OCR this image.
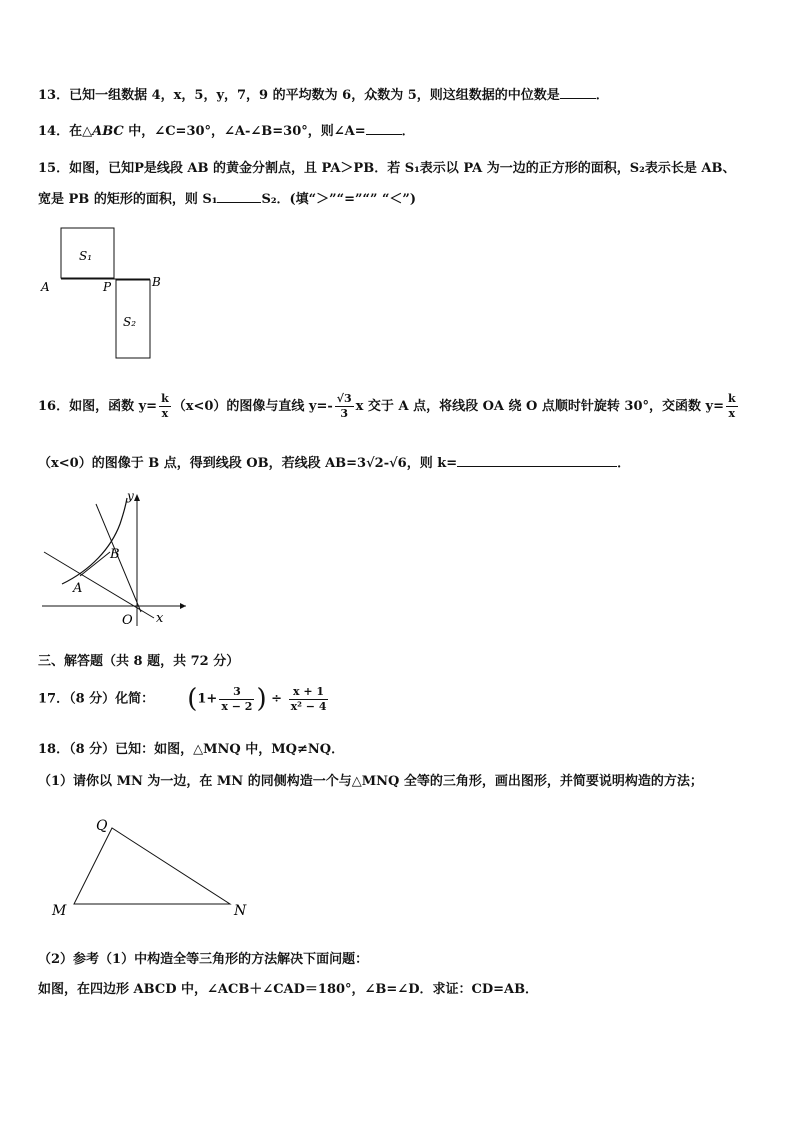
13．已知一组数据 4，x，5，y，7，9 的平均数为 6，众数为 5，则这组数据的中位数是	．
14．在△ABC 中，∠C=30°，∠A-∠B=30°，则∠A=	．
15．如图，已知P是线段 AB 的黄金分割点，且 PA＞PB．若 S₁表示以 PA 为一边的正方形的面积，S₂表示长是 AB、
宽是 PB 的矩形的面积，则 S₁	S₂．(填“＞”“=”“” “＜”)
S₁
S₂
A	P	B
16．如图，函数 $y= \frac{k}{x} (x<0)$的图像与直线 $y=- \frac{√3}{3}$ x 交于 A 点，将线段 OA 绕 O 点顺时针旋转 30°，交函数 $y= \frac{k}{x}$
（x<0）的图像于 B 点，得到线段 OB，若线段 AB=3√2-√6，则 k=	．
x
y
O
A
B
三、解答题（共 8 题，共 72 分）
17．（8 分）化简： ($1+ \frac{3}{x - 2}$ ) ÷ $\frac{x + 1}{\text{x² − 4}}$
18．（8 分）已知：如图，△MNQ 中，MQ≠NQ．
（1）请你以 MN 为一边，在 MN 的同侧构造一个与△MNQ 全等的三角形，画出图形，并简要说明构造的方法；
Q
M	N
（2）参考（1）中构造全等三角形的方法解决下面问题：
如图，在四边形 ABCD 中，∠ACB＋∠CAD＝180°，∠B=∠D．求证：CD=AB．
